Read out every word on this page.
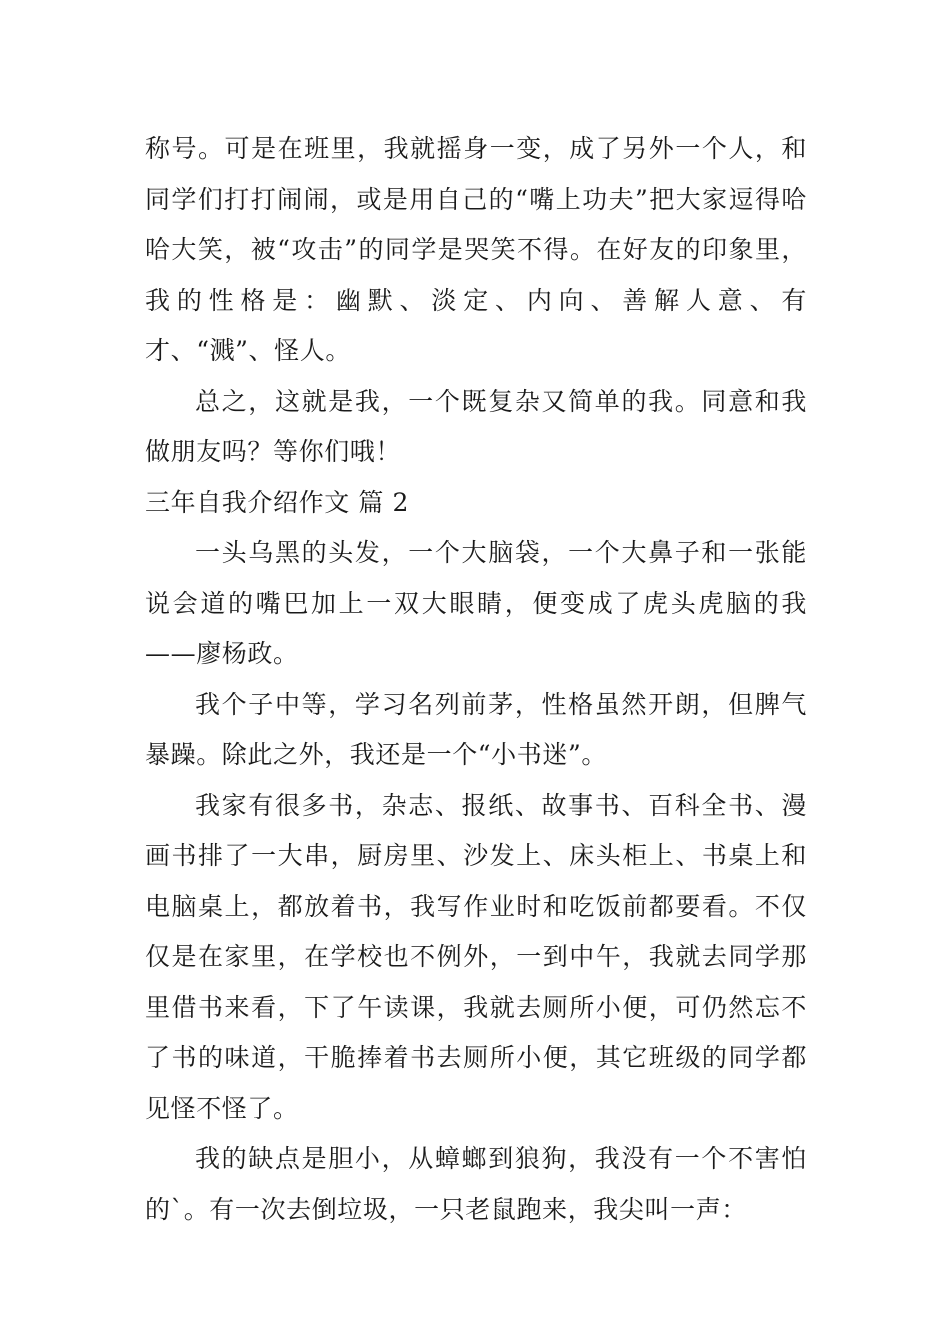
称号。可是在班里，我就摇身一变，成了另外一个人，和同学们打打闹闹，或是用自己的“嘴上功夫”把大家逗得哈哈大笑，被“攻击”的同学是哭笑不得。在好友的印象里，我的性格是：幽默、淡定、内向、善解人意、有才、“溅”、怪人。

总之，这就是我，一个既复杂又简单的我。同意和我做朋友吗？等你们哦！

三年自我介绍作文 篇 2

一头乌黑的头发，一个大脑袋，一个大鼻子和一张能说会道的嘴巴加上一双大眼睛，便变成了虎头虎脑的我——廖杨政。

我个子中等，学习名列前茅，性格虽然开朗，但脾气暴躁。除此之外，我还是一个“小书迷”。

我家有很多书，杂志、报纸、故事书、百科全书、漫画书排了一大串，厨房里、沙发上、床头柜上、书桌上和电脑桌上，都放着书，我写作业时和吃饭前都要看。不仅仅是在家里，在学校也不例外，一到中午，我就去同学那里借书来看，下了午读课，我就去厕所小便，可仍然忘不了书的味道，干脆捧着书去厕所小便，其它班级的同学都见怪不怪了。

我的缺点是胆小，从蟑螂到狼狗，我没有一个不害怕的`。有一次去倒垃圾，一只老鼠跑来，我尖叫一声：
